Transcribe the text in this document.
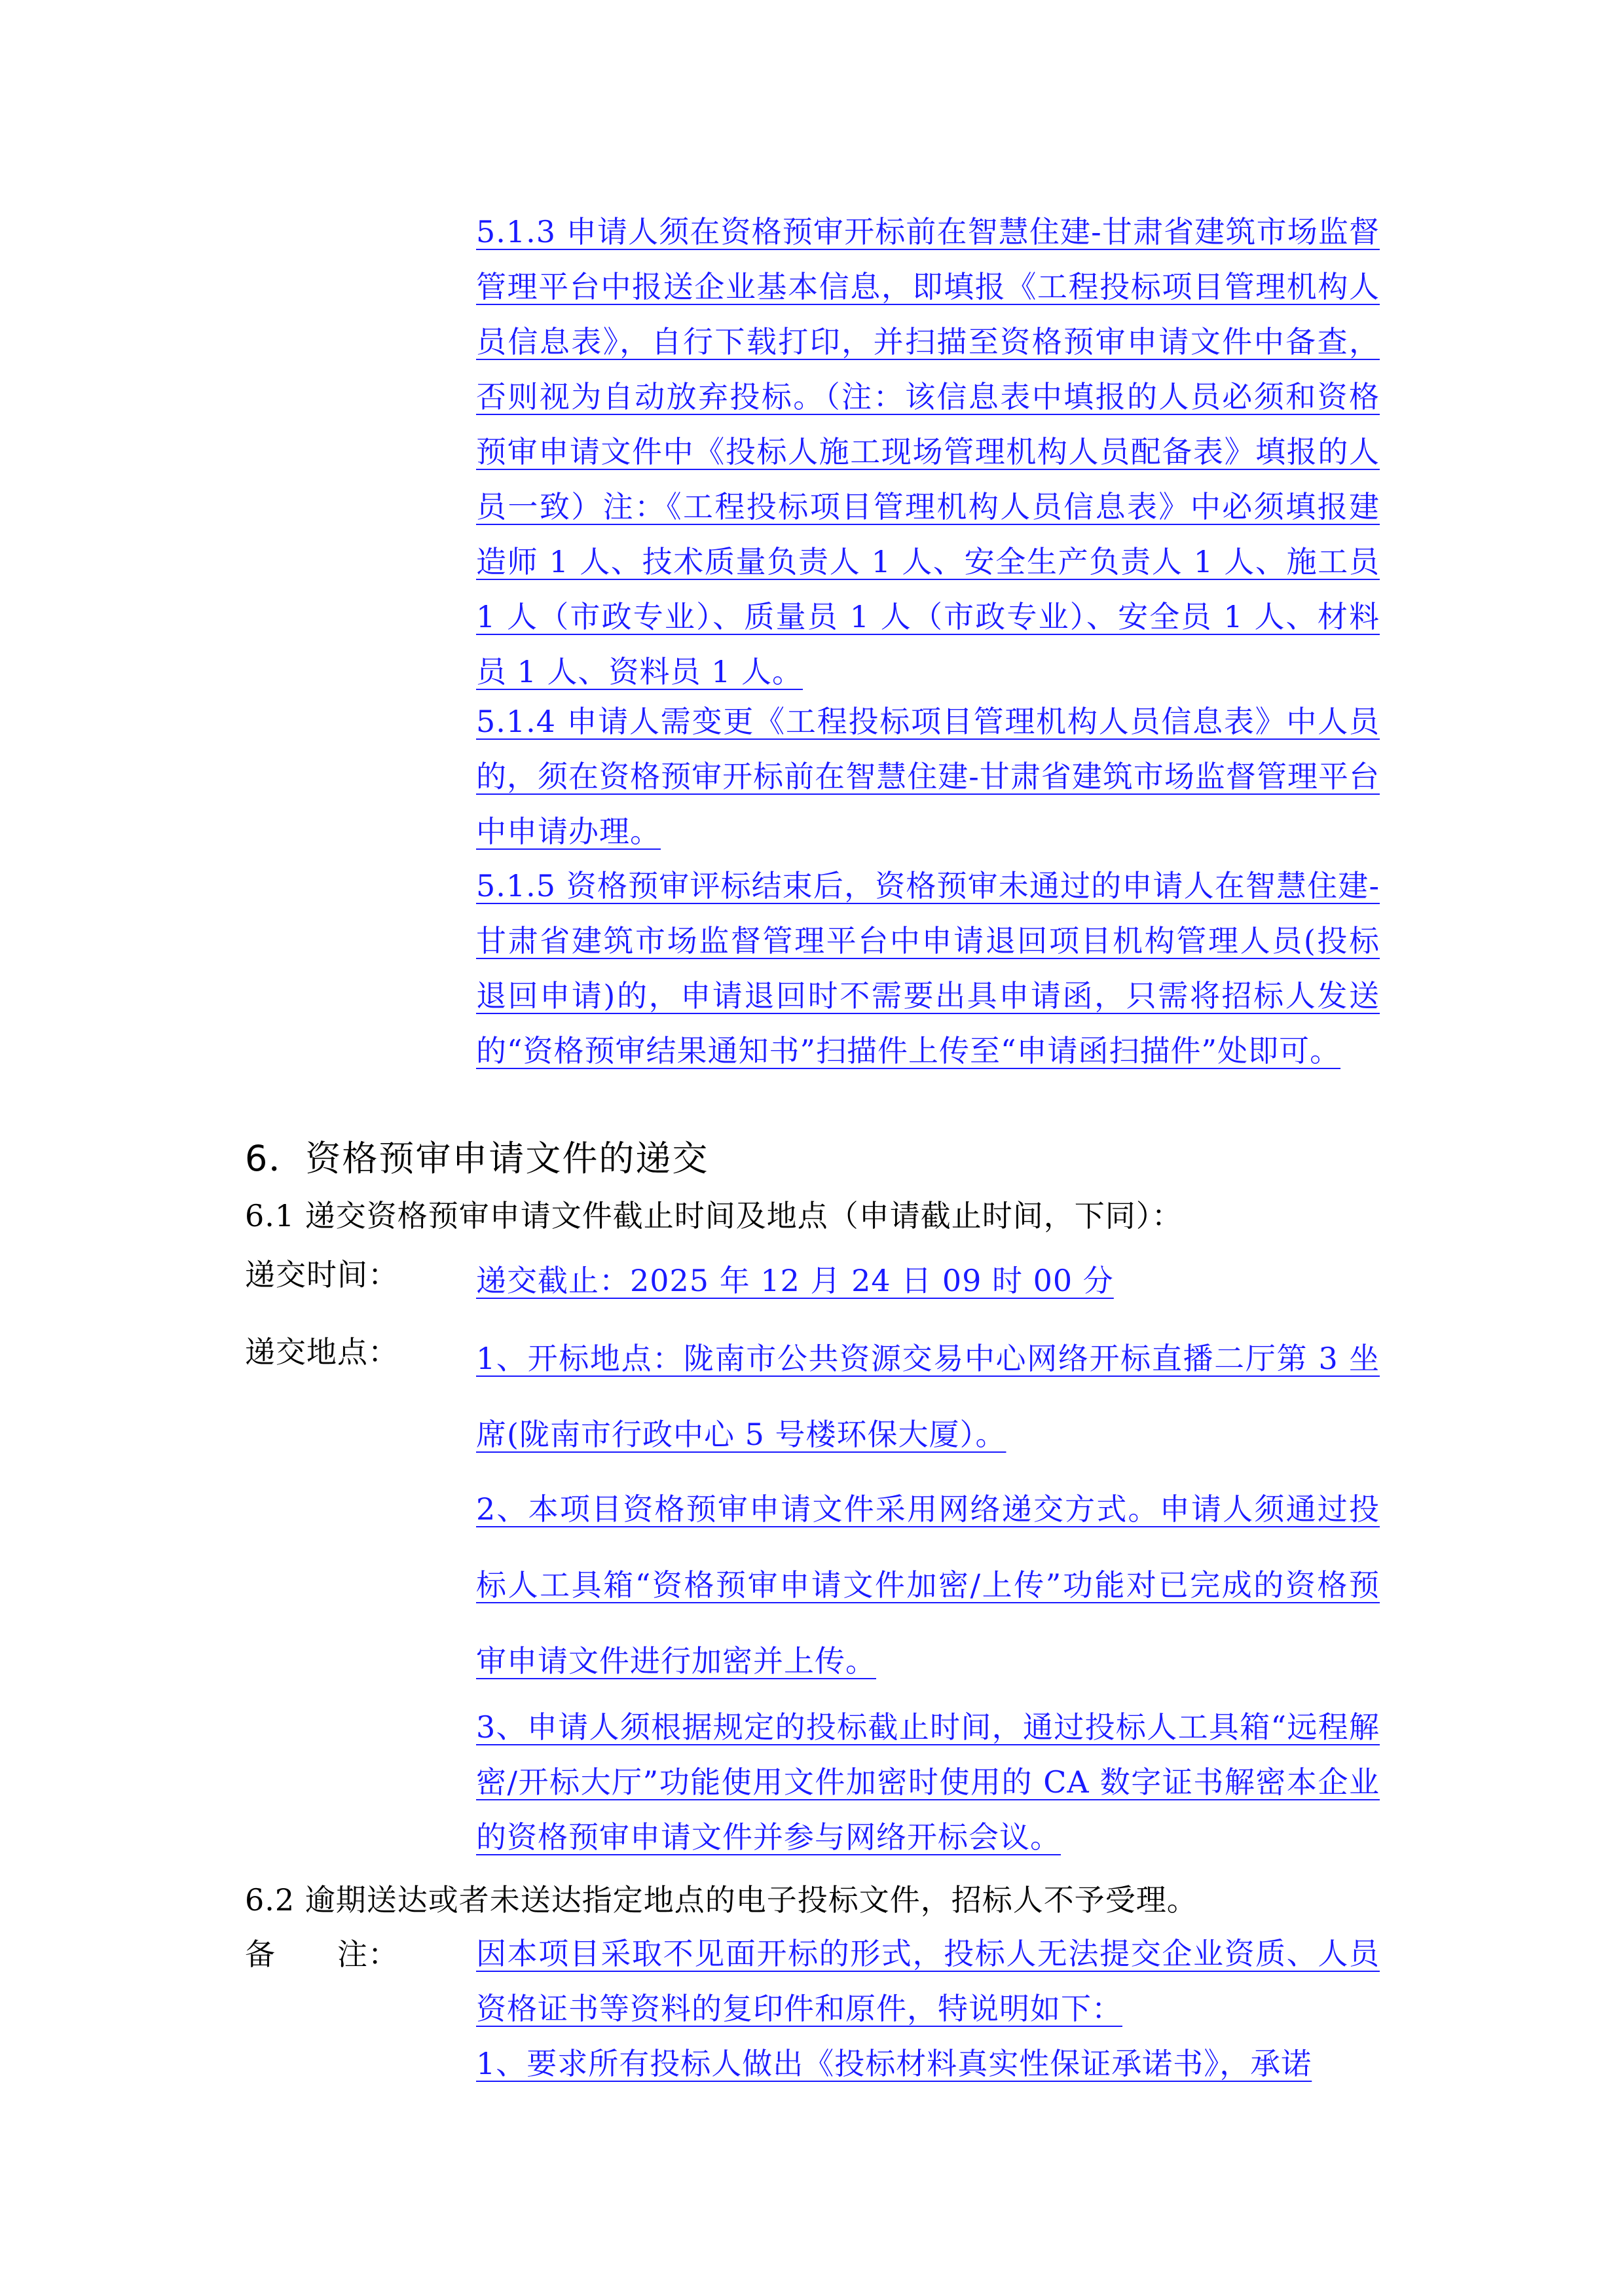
5.1.3 申请人须在资格预审开标前在智慧住建-甘肃省建筑市场监督管理平台中报送企业基本信息，即填报《工程投标项目管理机构人员信息表》，自行下载打印，并扫描至资格预审申请文件中备查，否则视为自动放弃投标。（注：该信息表中填报的人员必须和资格预审申请文件中《投标人施工现场管理机构人员配备表》填报的人员一致）注：《工程投标项目管理机构人员信息表》中必须填报建造师 1 人、技术质量负责人 1 人、安全生产负责人 1 人、施工员 1 人（市政专业）、质量员 1 人（市政专业）、安全员 1 人、材料员 1 人、资料员 1 人。
5.1.4 申请人需变更《工程投标项目管理机构人员信息表》中人员的，须在资格预审开标前在智慧住建-甘肃省建筑市场监督管理平台中申请办理。
5.1.5 资格预审评标结束后，资格预审未通过的申请人在智慧住建- 甘肃省建筑市场监督管理平台中申请退回项目机构管理人员(投标退回申请)的，申请退回时不需要出具申请函，只需将招标人发送的“资格预审结果通知书”扫描件上传至“申请函扫描件”处即可。
6．资格预审申请文件的递交
6.1 递交资格预审申请文件截止时间及地点（申请截止时间，下同）：
递交时间：	递交截止：2025 年 12 月 24 日 09 时 00 分
递交地点：	1、开标地点：陇南市公共资源交易中心网络开标直播二厅第 3 坐席(陇南市行政中心 5 号楼环保大厦）。
2、本项目资格预审申请文件采用网络递交方式。申请人须通过投标人工具箱“资格预审申请文件加密/上传”功能对已完成的资格预审申请文件进行加密并上传。
3、申请人须根据规定的投标截止时间，通过投标人工具箱“远程解密/开标大厅”功能使用文件加密时使用的 CA 数字证书解密本企业的资格预审申请文件并参与网络开标会议。
6.2 逾期送达或者未送达指定地点的电子投标文件，招标人不予受理。
备　　注：	因本项目采取不见面开标的形式，投标人无法提交企业资质、人员资格证书等资料的复印件和原件，特说明如下：
1、要求所有投标人做出《投标材料真实性保证承诺书》，承诺
